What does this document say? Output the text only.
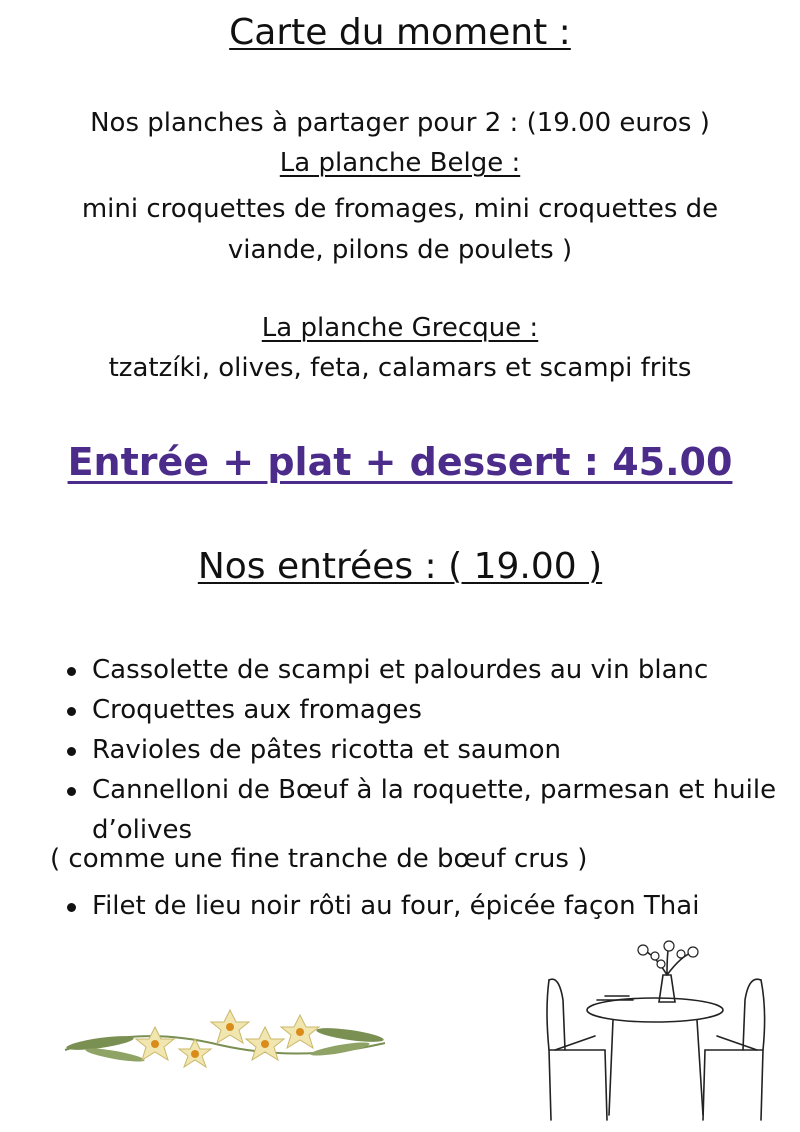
Carte du moment :
Nos planches à partager pour 2 : (19.00 euros )
La planche Belge :
mini croquettes de fromages, mini croquettes de viande, pilons de poulets )
La planche Grecque :
tzatzíki, olives, feta, calamars et scampi frits
Entrée + plat + dessert : 45.00
Nos entrées : ( 19.00 )
Cassolette de scampi et palourdes au vin blanc
Croquettes aux fromages
Ravioles de pâtes ricotta et saumon
Cannelloni de Bœuf à la roquette, parmesan et huile d’olives
( comme une fine tranche de bœuf crus )
Filet de lieu noir rôti au four, épicée façon Thai
